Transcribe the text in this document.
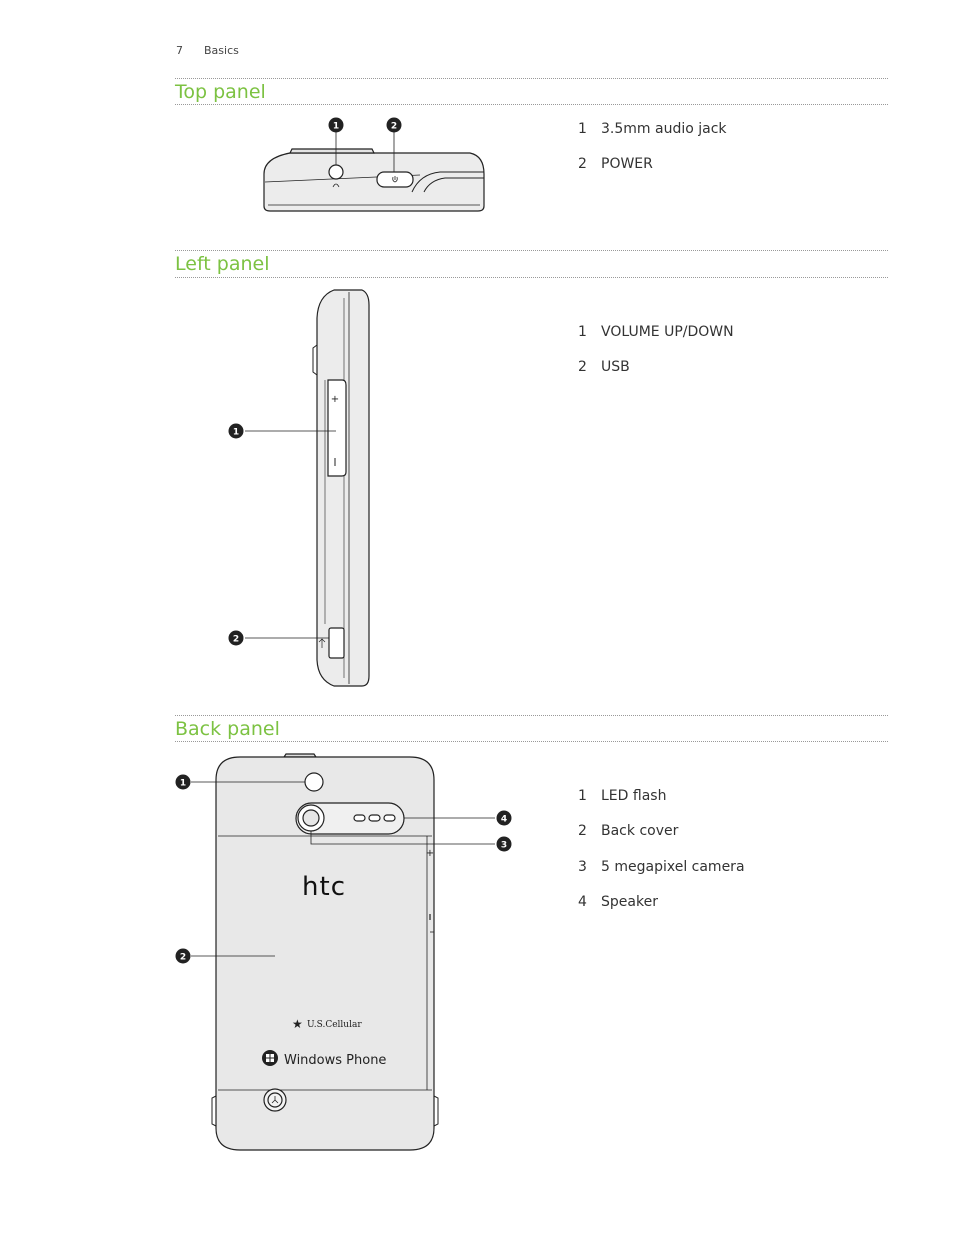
7 Basics
Top panel
Left panel
Back panel
1 3.5mm audio jack
2 POWER
1 VOLUME UP/DOWN
2 USB
1 LED flash
2 Back cover
3 5 megapixel camera
4 Speaker
1	2
+
1
2
+
htc
★ U.S.Cellular
Windows Phone
1
2
3
4
